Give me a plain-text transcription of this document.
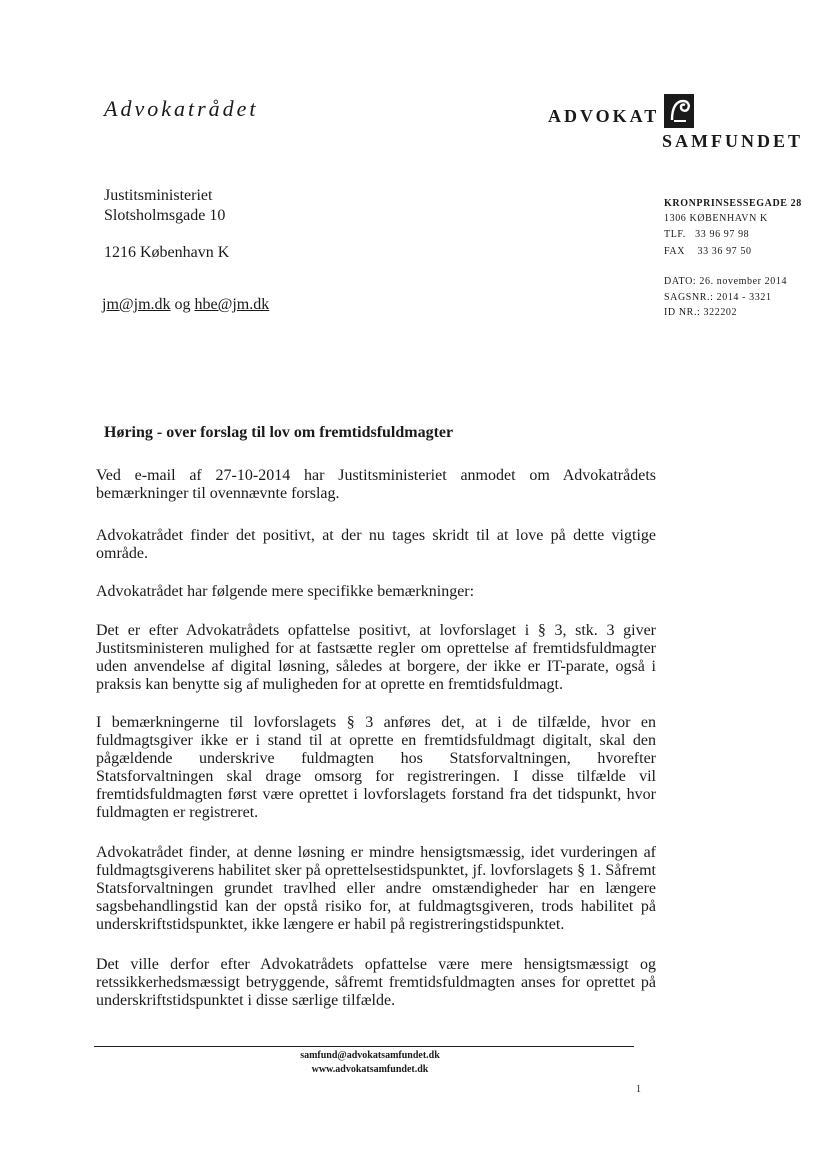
Advokatrådet	ADVOKAT
SAMFUNDET
Justitsministeriet
Slotsholmsgade 10
1216 København K
jm@jm.dk og hbe@jm.dk
KRONPRINSESSEGADE 28
1306 KØBENHAVN K
TLF.   33 96 97 98
FAX    33 36 97 50
DATO: 26. november 2014
SAGSNR.: 2014 - 3321
ID NR.: 322202
Høring - over forslag til lov om fremtidsfuldmagter
Ved e-mail af 27-10-2014 har Justitsministeriet anmodet om Advokatrådets bemærkninger til ovennævnte forslag.
Advokatrådet finder det positivt, at der nu tages skridt til at love på dette vigtige område.
Advokatrådet har følgende mere specifikke bemærkninger:
Det er efter Advokatrådets opfattelse positivt, at lovforslaget i § 3, stk. 3 giver Justitsministeren mulighed for at fastsætte regler om oprettelse af fremtidsfuldmagter uden anvendelse af digital løsning, således at borgere, der ikke er IT-parate, også i praksis kan benytte sig af muligheden for at oprette en fremtidsfuldmagt.
I bemærkningerne til lovforslagets § 3 anføres det, at i de tilfælde, hvor en fuldmagtsgiver ikke er i stand til at oprette en fremtidsfuldmagt digitalt, skal den pågældende underskrive fuldmagten hos Statsforvaltningen, hvorefter Statsforvaltningen skal drage omsorg for registreringen. I disse tilfælde vil fremtidsfuldmagten først være oprettet i lovforslagets forstand fra det tidspunkt, hvor fuldmagten er registreret.
Advokatrådet finder, at denne løsning er mindre hensigtsmæssig, idet vurderingen af fuldmagtsgiverens habilitet sker på oprettelsestidspunktet, jf. lovforslagets § 1. Såfremt Statsforvaltningen grundet travlhed eller andre omstændigheder har en længere sagsbehandlingstid kan der opstå risiko for, at fuldmagtsgiveren, trods habilitet på underskriftstidspunktet, ikke længere er habil på registreringstidspunktet.
Det ville derfor efter Advokatrådets opfattelse være mere hensigtsmæssigt og retssikkerhedsmæssigt betryggende, såfremt fremtidsfuldmagten anses for oprettet på underskriftstidspunktet i disse særlige tilfælde.
samfund@advokatsamfundet.dk
www.advokatsamfundet.dk
1
